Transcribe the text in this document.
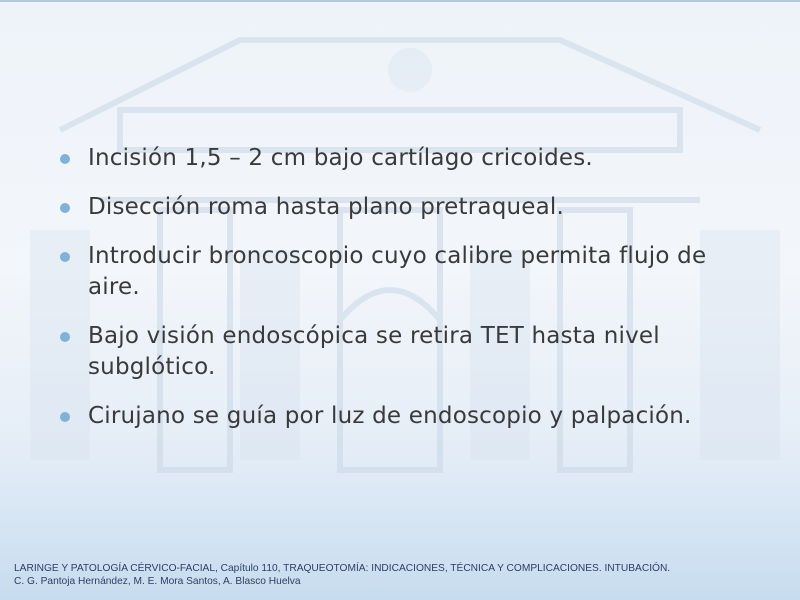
Incisión 1,5 – 2 cm bajo cartílago cricoides.
Disección roma hasta plano pretraqueal.
Introducir broncoscopio cuyo calibre permita flujo de aire.
Bajo visión endoscópica se retira TET hasta nivel subglótico.
Cirujano se guía por luz de endoscopio y palpación.
LARINGE Y PATOLOGÍA CÉRVICO-FACIAL, Capítulo 110, TRAQUEOTOMÍA: INDICACIONES, TÉCNICA Y COMPLICACIONES. INTUBACIÓN.
C. G. Pantoja Hernández, M. E. Mora Santos, A. Blasco Huelva
